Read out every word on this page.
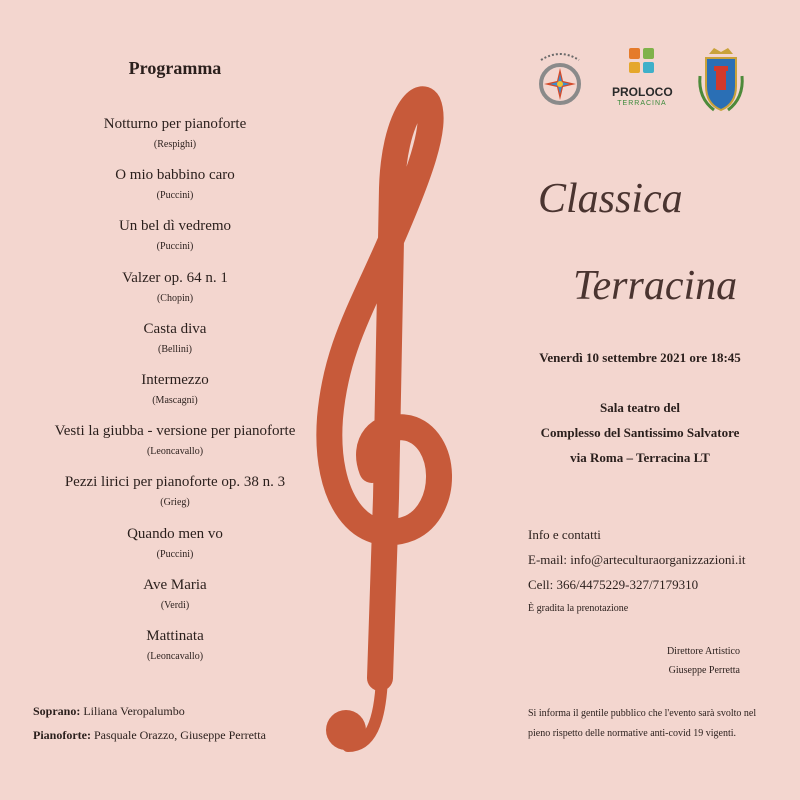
Programma
Notturno per pianoforte
(Respighi)
O mio babbino caro
(Puccini)
Un bel dì vedremo
(Puccini)
Valzer op. 64 n. 1
(Chopin)
Casta diva
(Bellini)
Intermezzo
(Mascagni)
Vesti la giubba - versione per pianoforte
(Leoncavallo)
Pezzi lirici per pianoforte op. 38 n. 3
(Grieg)
Quando men vo
(Puccini)
Ave Maria
(Verdi)
Mattinata
(Leoncavallo)
Soprano: Liliana Veropalumbo
Pianoforte: Pasquale Orazzo, Giuseppe Perretta
PROLOCO
TERRACINA
Classica
Terracina
Venerdì 10 settembre 2021 ore 18:45
Sala teatro del
Complesso del Santissimo Salvatore
via Roma – Terracina LT
Info e contatti
E-mail: info@arteculturaorganizzazioni.it
Cell: 366/4475229-327/7179310
È gradita la prenotazione
Direttore Artistico
Giuseppe Perretta
Si informa il gentile pubblico che l'evento sarà svolto nel pieno rispetto delle normative anti-covid 19 vigenti.
